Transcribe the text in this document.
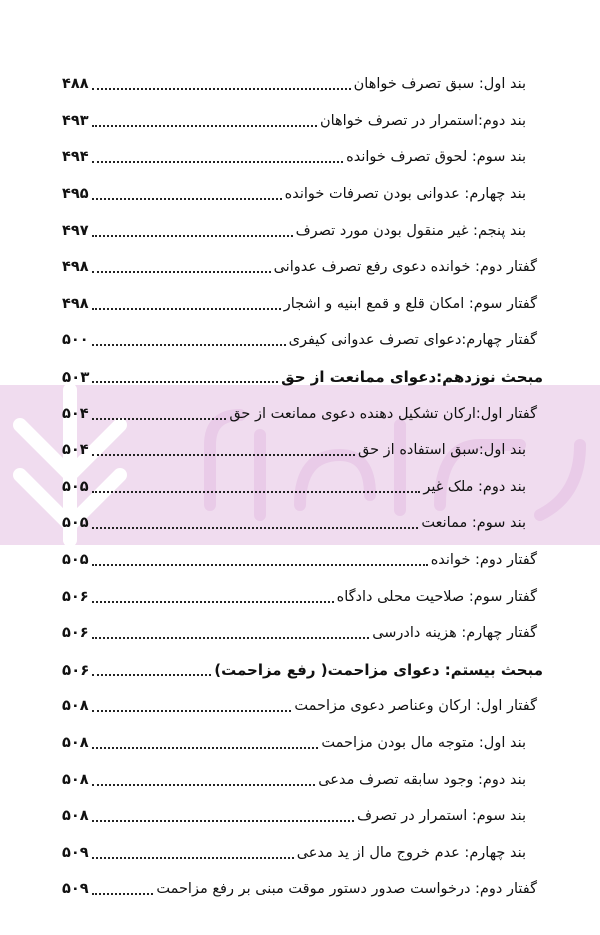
بند اول: سبق تصرف خواهان
۴۸۸
بند دوم:استمرار در تصرف خواهان
۴۹۳
بند سوم: لحوق تصرف خوانده
۴۹۴
بند چهارم: عدوانی بودن تصرفات خوانده
۴۹۵
بند پنجم: غیر منقول بودن مورد تصرف
۴۹۷
گفتار دوم: خوانده دعوی رفع تصرف عدوانی
۴۹۸
گفتار سوم: امکان قلع و قمع ابنیه و اشجار
۴۹۸
گفتار چهارم:دعوای تصرف عدوانی کیفری
۵۰۰
مبحث نوزدهم:دعوای ممانعت از حق
۵۰۳
گفتار اول:ارکان تشکیل دهنده دعوی ممانعت از حق
۵۰۴
بند اول:سبق استفاده از حق
۵۰۴
بند دوم: ملک غیر
۵۰۵
بند سوم: ممانعت
۵۰۵
گفتار دوم: خوانده
۵۰۵
گفتار سوم: صلاحیت محلی دادگاه
۵۰۶
گفتار چهارم: هزینه دادرسی
۵۰۶
مبحث بیستم: دعوای مزاحمت( رفع مزاحمت)
۵۰۶
گفتار اول: ارکان وعناصر دعوی مزاحمت
۵۰۸
بند اول: متوجه مال بودن مزاحمت
۵۰۸
بند دوم: وجود سابقه تصرف مدعی
۵۰۸
بند سوم: استمرار در تصرف
۵۰۸
بند چهارم: عدم خروج مال از ید مدعی
۵۰۹
گفتار دوم: درخواست صدور دستور موقت مبنی بر رفع مزاحمت
۵۰۹
